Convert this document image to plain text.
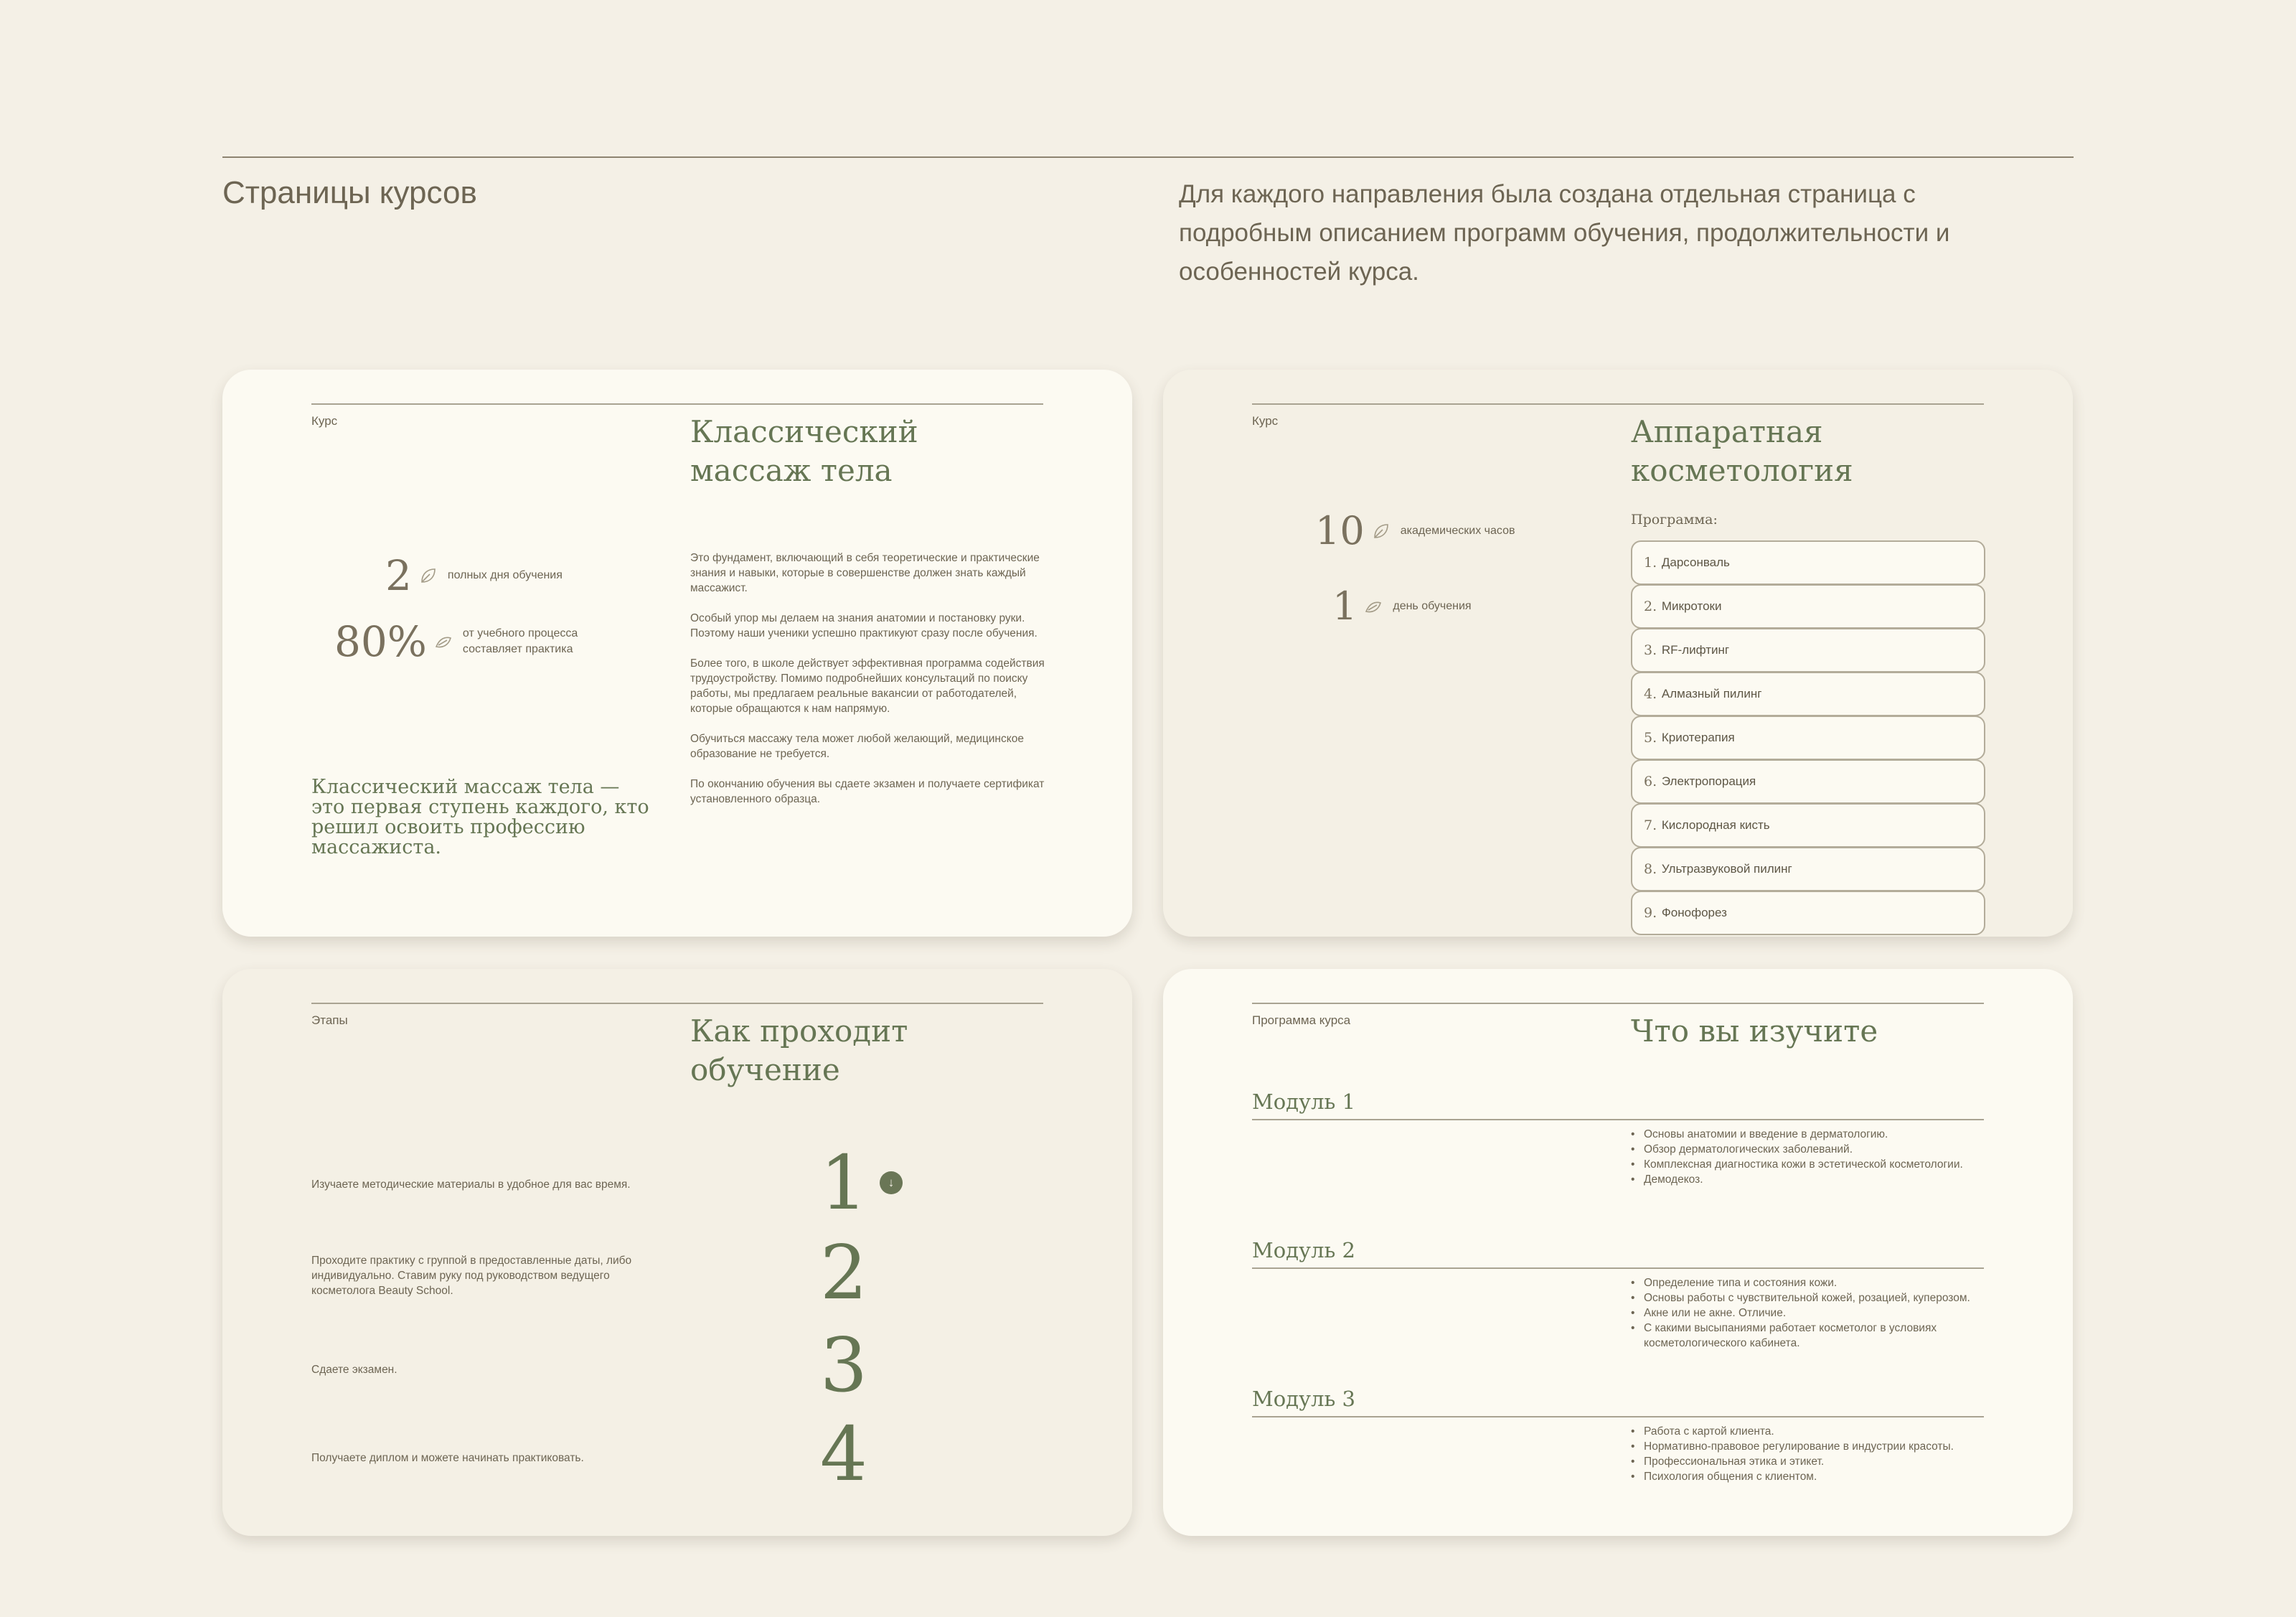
Страницы курсов	Для каждого направления была создана отдельная страница с подробным описанием программ обучения, продолжительности и особенностей курса.

Курс	Классический
массаж тела
2	полных дня обучения
80%	от учебного процесса составляет практика

Классический массаж тела — это первая ступень каждого, кто решил освоить профессию массажиста.

Это фундамент, включающий в себя теоретические и практические знания и навыки, которые в совершенстве должен знать каждый массажист.

Особый упор мы делаем на знания анатомии и постановку руки. Поэтому наши ученики успешно практикуют сразу после обучения.

Более того, в школе действует эффективная программа содействия трудоустройству. Помимо подробнейших консультаций по поиску работы, мы предлагаем реальные вакансии от работодателей, которые обращаются к нам напрямую.

Обучиться массажу тела может любой желающий, медицинское образование не требуется.

По окончанию обучения вы сдаете экзамен и получаете сертификат установленного образца.

Курс	Аппаратная
косметология
10	академических часов
1	день обучения
Программа:
1.
Дарсонваль
2.
Микротоки
3.
RF-лифтинг
4.
Алмазный пилинг
5.
Криотерапия
6.
Электропорация
7.
Кислородная кисть
8.
Ультразвуковой пилинг
9.
Фонофорез
Этапы	Как проходит
обучение
1	↓

Изучаете методические материалы в удобное для вас время.

2

Проходите практику с группой в предоставленные даты, либо индивидуально. Ставим руку под руководством ведущего косметолога Beauty School.

3

Сдаете экзамен.

4

Получаете диплом и можете начинать практиковать.

Программа курса	Что вы изучите
Модуль 1
• Основы анатомии и введение в дерматологию.
• Обзор дерматологических заболеваний.
• Комплексная диагностика кожи в эстетической косметологии.
• Демодекоз.
Модуль 2
• Определение типа и состояния кожи.
• Основы работы с чувствительной кожей, розацией, куперозом.
• Акне или не акне. Отличие.
• С какими высыпаниями работает косметолог в условиях косметологического кабинета.
Модуль 3
• Работа с картой клиента.
• Нормативно-правовое регулирование в индустрии красоты.
• Профессиональная этика и этикет.
• Психология общения с клиентом.
